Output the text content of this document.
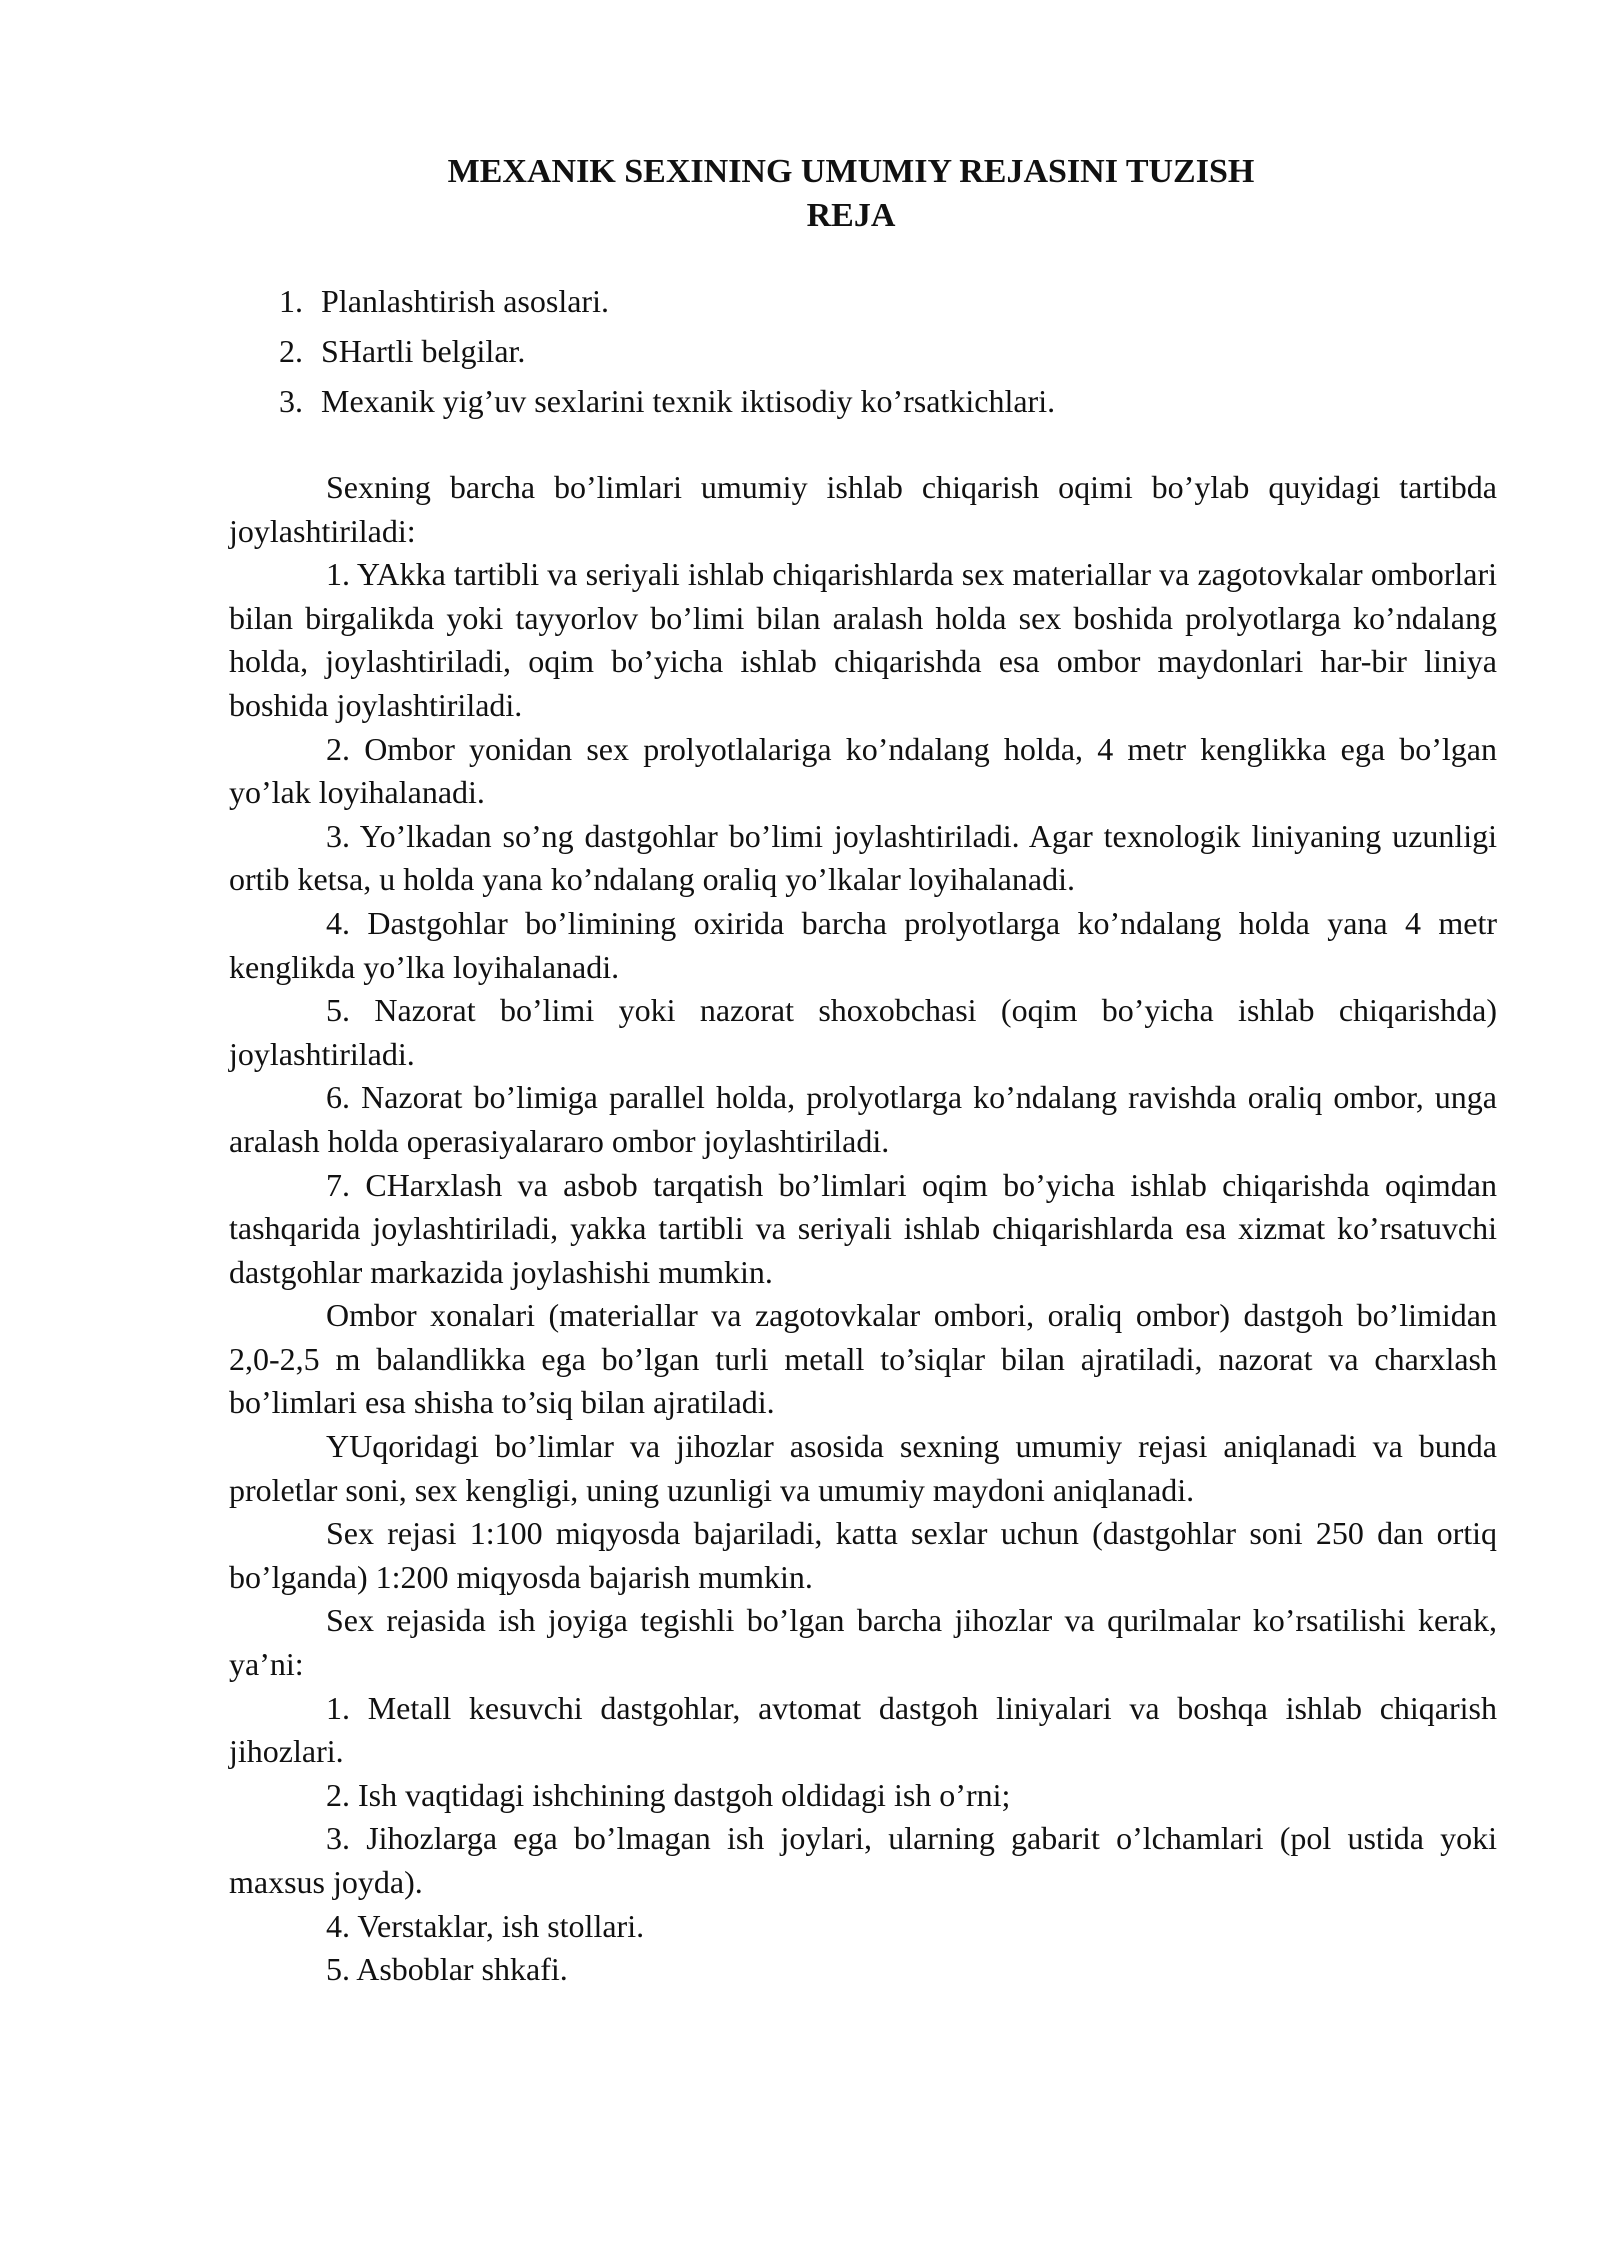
MEXANIK SEXINING UMUMIY REJASINI TUZISH
REJA
1. Planlashtirish asoslari.
2. SHartli belgilar.
3. Mexanik yig’uv sexlarini texnik iktisodiy ko’rsatkichlari.

Sexning barcha bo’limlari umumiy ishlab chiqarish oqimi bo’ylab quyidagi tartibda joylashtiriladi:

1. YAkka tartibli va seriyali ishlab chiqarishlarda sex materiallar va zagotovkalar omborlari bilan birgalikda yoki tayyorlov bo’limi bilan aralash holda sex boshida prolyotlarga ko’ndalang holda, joylashtiriladi, oqim bo’yicha ishlab chiqarishda esa ombor maydonlari har-bir liniya boshida joylashtiriladi.

2. Ombor yonidan sex prolyotlalariga ko’ndalang holda, 4 metr kenglikka ega bo’lgan yo’lak loyihalanadi.

3. Yo’lkadan so’ng dastgohlar bo’limi joylashtiriladi. Agar texnologik liniyaning uzunligi ortib ketsa, u holda yana ko’ndalang oraliq yo’lkalar loyihalanadi.

4. Dastgohlar bo’limining oxirida barcha prolyotlarga ko’ndalang holda yana 4 metr kenglikda yo’lka loyihalanadi.

5. Nazorat bo’limi yoki nazorat shoxobchasi (oqim bo’yicha ishlab chiqarishda) joylashtiriladi.

6. Nazorat bo’limiga parallel holda, prolyotlarga ko’ndalang ravishda oraliq ombor, unga aralash holda operasiyalararo ombor joylashtiriladi.

7. CHarxlash va asbob tarqatish bo’limlari oqim bo’yicha ishlab chiqarishda oqimdan tashqarida joylashtiriladi, yakka tartibli va seriyali ishlab chiqarishlarda esa xizmat ko’rsatuvchi dastgohlar markazida joylashishi mumkin.

Ombor xonalari (materiallar va zagotovkalar ombori, oraliq ombor) dastgoh bo’limidan 2,0-2,5 m balandlikka ega bo’lgan turli metall to’siqlar bilan ajratiladi, nazorat va charxlash bo’limlari esa shisha to’siq bilan ajratiladi.

YUqoridagi bo’limlar va jihozlar asosida sexning umumiy rejasi aniqlanadi va bunda proletlar soni, sex kengligi, uning uzunligi va umumiy maydoni aniqlanadi.

Sex rejasi 1:100 miqyosda bajariladi, katta sexlar uchun (dastgohlar soni 250 dan ortiq bo’lganda) 1:200 miqyosda bajarish mumkin.

Sex rejasida ish joyiga tegishli bo’lgan barcha jihozlar va qurilmalar ko’rsatilishi kerak, ya’ni:

1. Metall kesuvchi dastgohlar, avtomat dastgoh liniyalari va boshqa ishlab chiqarish jihozlari.

2. Ish vaqtidagi ishchining dastgoh oldidagi ish o’rni;

3. Jihozlarga ega bo’lmagan ish joylari, ularning gabarit o’lchamlari (pol ustida yoki maxsus joyda).

4. Verstaklar, ish stollari.

5. Asboblar shkafi.
